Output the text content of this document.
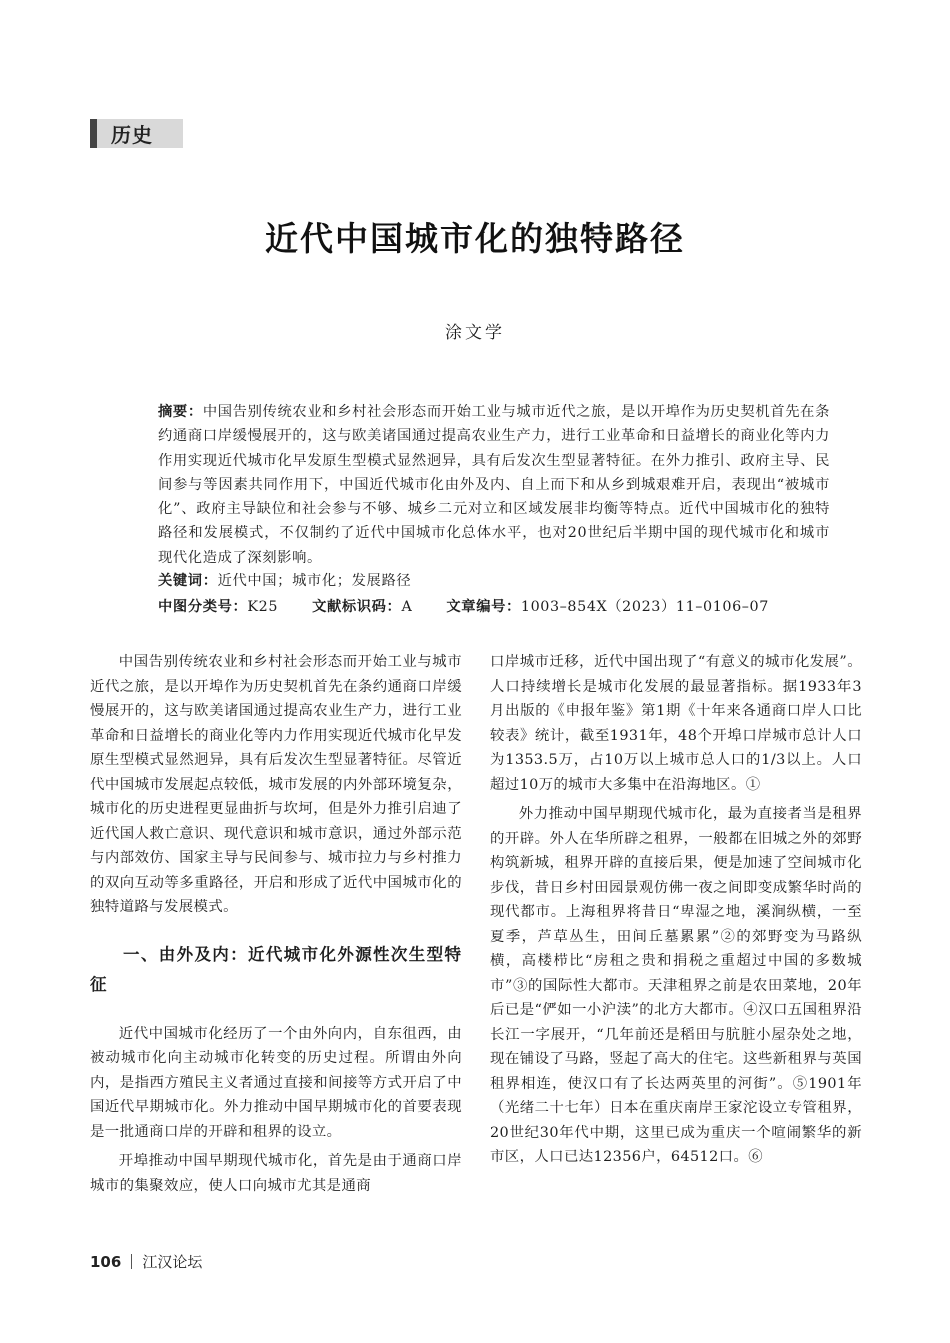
历史
近代中国城市化的独特路径
涂文学
摘要：中国告别传统农业和乡村社会形态而开始工业与城市近代之旅，是以开埠作为历史契机首先在条约通商口岸缓慢展开的，这与欧美诸国通过提高农业生产力，进行工业革命和日益增长的商业化等内力作用实现近代城市化早发原生型模式显然迥异，具有后发次生型显著特征。在外力推引、政府主导、民间参与等因素共同作用下，中国近代城市化由外及内、自上而下和从乡到城艰难开启，表现出“被城市化”、政府主导缺位和社会参与不够、城乡二元对立和区域发展非均衡等特点。近代中国城市化的独特路径和发展模式，不仅制约了近代中国城市化总体水平，也对20世纪后半期中国的现代城市化和城市现代化造成了深刻影响。
关键词：近代中国；城市化；发展路径
中图分类号：K25 文献标识码：A 文章编号：1003–854X（2023）11–0106–07

中国告别传统农业和乡村社会形态而开始工业与城市近代之旅，是以开埠作为历史契机首先在条约通商口岸缓慢展开的，这与欧美诸国通过提高农业生产力，进行工业革命和日益增长的商业化等内力作用实现近代城市化早发原生型模式显然迥异，具有后发次生型显著特征。尽管近代中国城市发展起点较低，城市发展的内外部环境复杂，城市化的历史进程更显曲折与坎坷，但是外力推引启迪了近代国人救亡意识、现代意识和城市意识，通过外部示范与内部效仿、国家主导与民间参与、城市拉力与乡村推力的双向互动等多重路径，开启和形成了近代中国城市化的独特道路与发展模式。

一、由外及内：近代城市化外源性次生型特征

近代中国城市化经历了一个由外向内，自东徂西，由被动城市化向主动城市化转变的历史过程。所谓由外向内，是指西方殖民主义者通过直接和间接等方式开启了中国近代早期城市化。外力推动中国早期城市化的首要表现是一批通商口岸的开辟和租界的设立。

开埠推动中国早期现代城市化，首先是由于通商口岸城市的集聚效应，使人口向城市尤其是通商

口岸城市迁移，近代中国出现了“有意义的城市化发展”。人口持续增长是城市化发展的最显著指标。据1933年3月出版的《申报年鉴》第1期《十年来各通商口岸人口比较表》统计，截至1931年，48个开埠口岸城市总计人口为1353.5万，占10万以上城市总人口的1/3以上。人口超过10万的城市大多集中在沿海地区。①

外力推动中国早期现代城市化，最为直接者当是租界的开辟。外人在华所辟之租界，一般都在旧城之外的郊野构筑新城，租界开辟的直接后果，便是加速了空间城市化步伐，昔日乡村田园景观仿佛一夜之间即变成繁华时尚的现代都市。上海租界将昔日“卑湿之地，溪涧纵横，一至夏季，芦草丛生，田间丘墓累累”②的郊野变为马路纵横，高楼栉比“房租之贵和捐税之重超过中国的多数城市”③的国际性大都市。天津租界之前是农田菜地，20年后已是“俨如一小沪渎”的北方大都市。④汉口五国租界沿长江一字展开，“几年前还是稻田与肮脏小屋杂处之地，现在铺设了马路，竖起了高大的住宅。这些新租界与英国租界相连，使汉口有了长达两英里的河街”。⑤1901年（光绪二十七年）日本在重庆南岸王家沱设立专管租界，20世纪30年代中期，这里已成为重庆一个喧闹繁华的新市区，人口已达12356户，64512口。⑥

106 江汉论坛
